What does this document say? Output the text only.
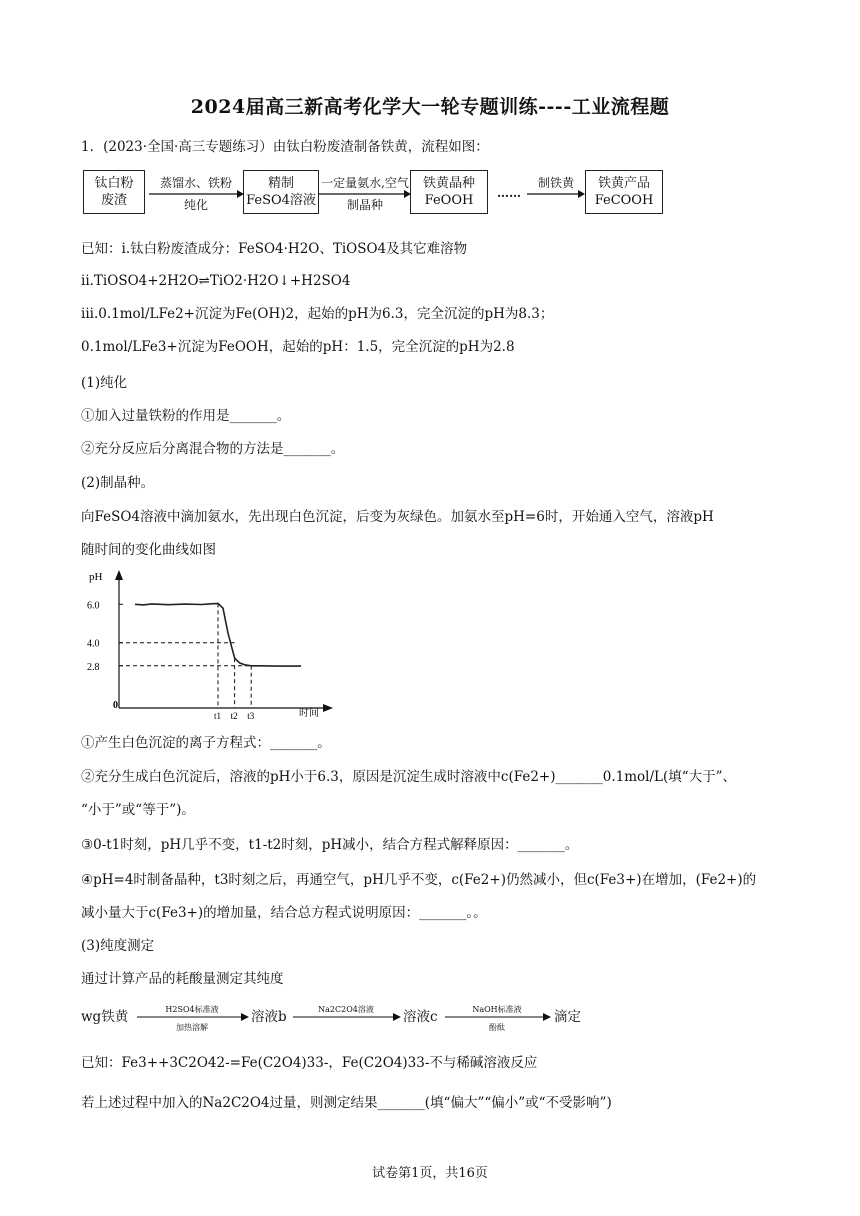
2024届高三新高考化学大一轮专题训练----工业流程题
1．(2023·全国·高三专题练习）由钛白粉废渣制备铁黄，流程如图：
钛白粉
废渣
蒸馏水、铁粉
纯化
精制
FeSO4溶液
一定量氨水,空气
制晶种
铁黄晶种
FeOOH	……
制铁黄	铁黄产品
FeCOOH
已知：i.钛白粉废渣成分：FeSO4·H2O、TiOSO4及其它难溶物
ii.TiOSO4+2H2O⇌TiO2·H2O↓+H2SO4
iii.0.1mol/LFe2+沉淀为Fe(OH)2，起始的pH为6.3，完全沉淀的pH为8.3；
0.1mol/LFe3+沉淀为FeOOH，起始的pH：1.5，完全沉淀的pH为2.8
(1)纯化
①加入过量铁粉的作用是_______。
②充分反应后分离混合物的方法是_______。
(2)制晶种。
向FeSO4溶液中滴加氨水，先出现白色沉淀，后变为灰绿色。加氨水至pH=6时，开始通入空气，溶液pH
随时间的变化曲线如图
pH
时间
0
6.0
4.0
2.8
t1 t2 t3
①产生白色沉淀的离子方程式：_______。
②充分生成白色沉淀后，溶液的pH小于6.3，原因是沉淀生成时溶液中c(Fe2+)_______0.1mol/L(填“大于”、
“小于”或“等于”)。
③0-t1时刻，pH几乎不变，t1-t2时刻，pH减小，结合方程式解释原因：_______。
④pH=4时制备晶种，t3时刻之后，再通空气，pH几乎不变，c(Fe2+)仍然减小，但c(Fe3+)在增加，(Fe2+)的
减小量大于c(Fe3+)的增加量，结合总方程式说明原因：_______。。
(3)纯度测定
通过计算产品的耗酸量测定其纯度
wg铁黄	H2SO4标准液
加热溶解
溶液b	Na2C2O4溶液	溶液c	NaOH标准液
酚酞
滴定
已知：Fe3++3C2O42-=Fe(C2O4)33-，Fe(C2O4)33-不与稀碱溶液反应
若上述过程中加入的Na2C2O4过量，则测定结果_______(填“偏大”“偏小”或“不受影响”)
试卷第1页，共16页
